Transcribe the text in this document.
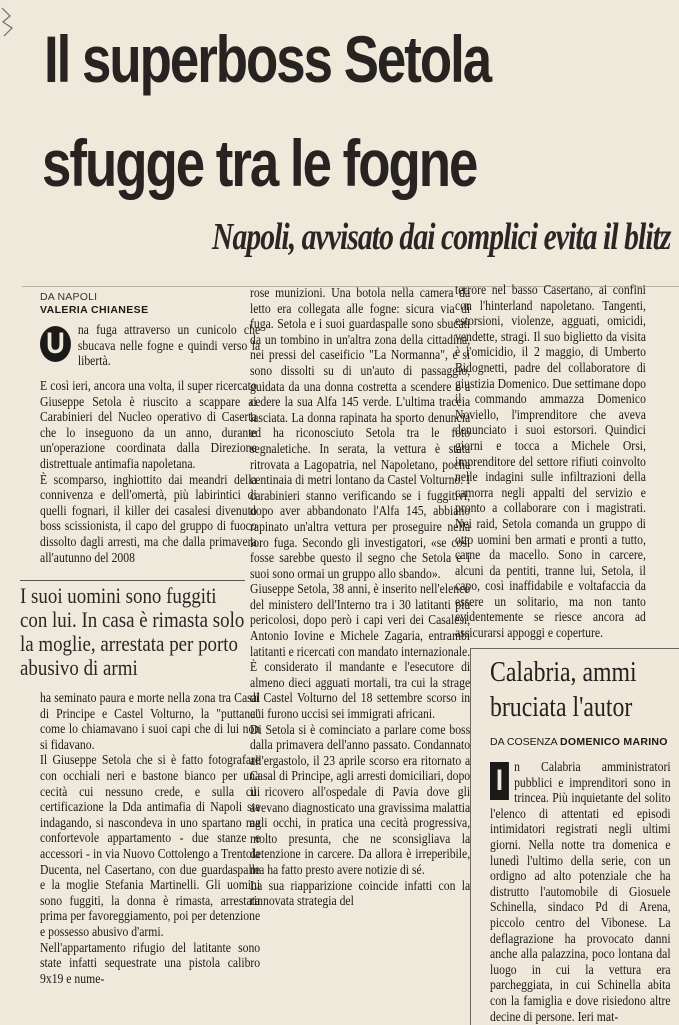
Il superboss Setola
sfugge tra le fogne
Napoli, avvisato dai complici evita il blitz
DA NAPOLI
VALERIA CHIANESE
U na fuga attraverso un cunicolo che sbucava nelle fogne e quindi verso la libertà.

E così ieri, ancora una volta, il super ricercato Giuseppe Setola è riuscito a scappare ai Carabinieri del Nucleo operativo di Caserta che lo inseguono da un anno, durante un'operazione coordinata dalla Direzione distrettuale antimafia napoletana.

È scomparso, inghiottito dai meandri della connivenza e dell'omertà, più labirintici di quelli fognari, il killer dei casalesi divenuto boss scissionista, il capo del gruppo di fuoco dissolto dagli arresti, ma che dalla primavera all'autunno del 2008

I suoi uomini sono fuggiti con lui. In casa è rimasta solo la moglie, arrestata per porto abusivo di armi

ha seminato paura e morte nella zona tra Casal di Principe e Castel Volturno, la "puttana" come lo chiamavano i suoi capi che di lui non si fidavano.

Il Giuseppe Setola che si è fatto fotografare con occhiali neri e bastone bianco per una cecità cui nessuno crede, e sulla cui certificazione la Dda antimafia di Napoli sta indagando, si nascondeva in uno spartano ma confortevole appartamento - due stanze e accessori - in via Nuovo Cottolengo a Trentola Ducenta, nel Casertano, con due guardaspalle e la moglie Stefania Martinelli. Gli uomini sono fuggiti, la donna è rimasta, arrestata prima per favoreggiamento, poi per detenzione e possesso abusivo d'armi.

Nell'appartamento rifugio del latitante sono state infatti sequestrate una pistola calibro 9x19 e nume-

rose munizioni. Una botola nella camera da letto era collegata alle fogne: sicura via di fuga. Setola e i suoi guardaspalle sono sbucati da un tombino in un'altra zona della cittadina, nei pressi del caseificio "La Normanna", e si sono dissolti su di un'auto di passaggio, guidata da una donna costretta a scendere e a cedere la sua Alfa 145 verde. L'ultima traccia lasciata. La donna rapinata ha sporto denuncia ed ha riconosciuto Setola tra le foto segnaletiche. In serata, la vettura è stata ritrovata a Lagopatria, nel Napoletano, poche centinaia di metri lontano da Castel Volturno. I carabinieri stanno verificando se i fuggitivi, dopo aver abbandonato l'Alfa 145, abbiano rapinato un'altra vettura per proseguire nella loro fuga. Secondo gli investigatori, «se così fosse sarebbe questo il segno che Setola e i suoi sono ormai un gruppo allo sbando».

Giuseppe Setola, 38 anni, è inserito nell'elenco del ministero dell'Interno tra i 30 latitanti più pericolosi, dopo però i capi veri dei Casalesi, Antonio Iovine e Michele Zagaria, entrambi latitanti e ricercati con mandato internazionale. È considerato il mandante e l'esecutore di almeno dieci agguati mortali, tra cui la strage di Castel Volturno del 18 settembre scorso in cui furono uccisi sei immigrati africani.

Di Setola si è cominciato a parlare come boss dalla primavera dell'anno passato. Condannato all'ergastolo, il 23 aprile scorso era ritornato a Casal di Principe, agli arresti domiciliari, dopo il ricovero all'ospedale di Pavia dove gli avevano diagnosticato una gravissima malattia agli occhi, in pratica una cecità progressiva, molto presunta, che ne sconsigliava la detenzione in carcere. Da allora è irreperibile, ma ha fatto presto avere notizie di sé.

La sua riapparizione coincide infatti con la rinnovata strategia del

terrore nel basso Casertano, ai confini con l'hinterland napoletano. Tangenti, estorsioni, violenze, agguati, omicidi, vendette, stragi. Il suo biglietto da visita è l'omicidio, il 2 maggio, di Umberto Bidognetti, padre del collaboratore di giustizia Domenico. Due settimane dopo il commando ammazza Domenico Noviello, l'imprenditore che aveva denunciato i suoi estorsori. Quindici giorni e tocca a Michele Orsi, imprenditore del settore rifiuti coinvolto nelle indagini sulle infiltrazioni della camorra negli appalti del servizio e pronto a collaborare con i magistrati. Nei raid, Setola comanda un gruppo di otto uomini ben armati e pronti a tutto, carne da macello. Sono in carcere, alcuni da pentiti, tranne lui, Setola, il capo, così inaffidabile e voltafaccia da essere un solitario, ma non tanto evidentemente se riesce ancora ad assicurarsi appoggi e coperture.

Calabria, ammi
bruciata l'autor
DA COSENZA DOMENICO MARINO
I n Calabria amministratori pubblici e imprenditori sono in trincea. Più inquietante del solito l'elenco di attentati ed episodi intimidatori registrati negli ultimi giorni. Nella notte tra domenica e lunedì l'ultimo della serie, con un ordigno ad alto potenziale che ha distrutto l'automobile di Giosuele Schinella, sindaco Pd di Arena, piccolo centro del Vibonese. La deflagrazione ha provocato danni anche alla palazzina, poco lontana dal luogo in cui la vettura era parcheggiata, in cui Schinella abita con la famiglia e dove risiedono altre decine di persone. Ieri mat-
